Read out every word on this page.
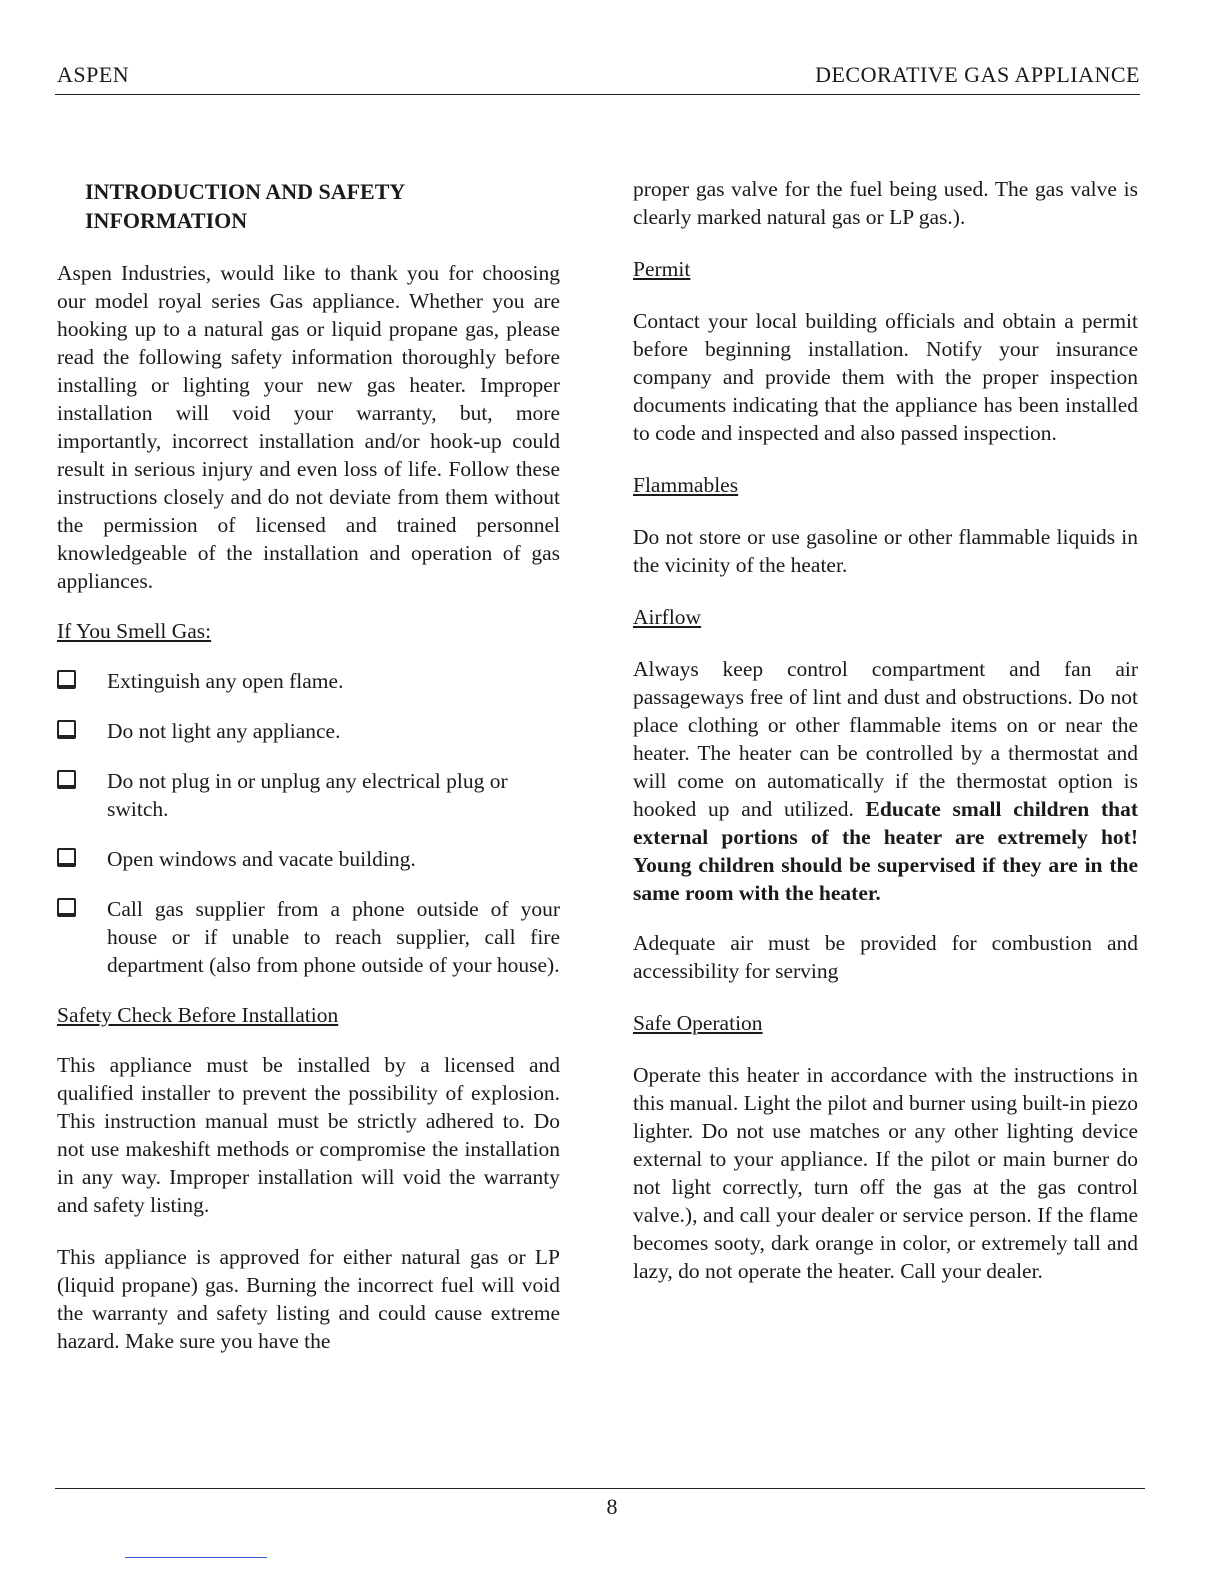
ASPEN	DECORATIVE GAS APPLIANCE

INTRODUCTION AND SAFETY INFORMATION

Aspen Industries, would like to thank you for choosing our model royal series Gas appliance. Whether you are hooking up to a natural gas or liquid propane gas, please read the following safety information thoroughly before installing or lighting your new gas heater. Improper installation will void your warranty, but, more importantly, incorrect installation and/or hook-up could result in serious injury and even loss of life. Follow these instructions closely and do not deviate from them without the permission of licensed and trained personnel knowledgeable of the installation and operation of gas appliances.

If You Smell Gas:

Extinguish any open flame.
Do not light any appliance.
Do not plug in or unplug any electrical plug or switch.
Open windows and vacate building.
Call gas supplier from a phone outside of your house or if unable to reach supplier, call fire department (also from phone outside of your house).

Safety Check Before Installation

This appliance must be installed by a licensed and qualified installer to prevent the possibility of explosion. This instruction manual must be strictly adhered to. Do not use makeshift methods or compromise the installation in any way. Improper installation will void the warranty and safety listing.

This appliance is approved for either natural gas or LP (liquid propane) gas. Burning the incorrect fuel will void the warranty and safety listing and could cause extreme hazard. Make sure you have the

proper gas valve for the fuel being used. The gas valve is clearly marked natural gas or LP gas.).

Permit

Contact your local building officials and obtain a permit before beginning installation. Notify your insurance company and provide them with the proper inspection documents indicating that the appliance has been installed to code and inspected and also passed inspection.

Flammables

Do not store or use gasoline or other flammable liquids in the vicinity of the heater.

Airflow

Always keep control compartment and fan air passageways free of lint and dust and obstructions. Do not place clothing or other flammable items on or near the heater. The heater can be controlled by a thermostat and will come on automatically if the thermostat option is hooked up and utilized. Educate small children that external portions of the heater are extremely hot! Young children should be supervised if they are in the same room with the heater.

Adequate air must be provided for combustion and accessibility for serving

Safe Operation

Operate this heater in accordance with the instructions in this manual. Light the pilot and burner using built-in piezo lighter. Do not use matches or any other lighting device external to your appliance. If the pilot or main burner do not light correctly, turn off the gas at the gas control valve.), and call your dealer or service person. If the flame becomes sooty, dark orange in color, or extremely tall and lazy, do not operate the heater. Call your dealer.

8
